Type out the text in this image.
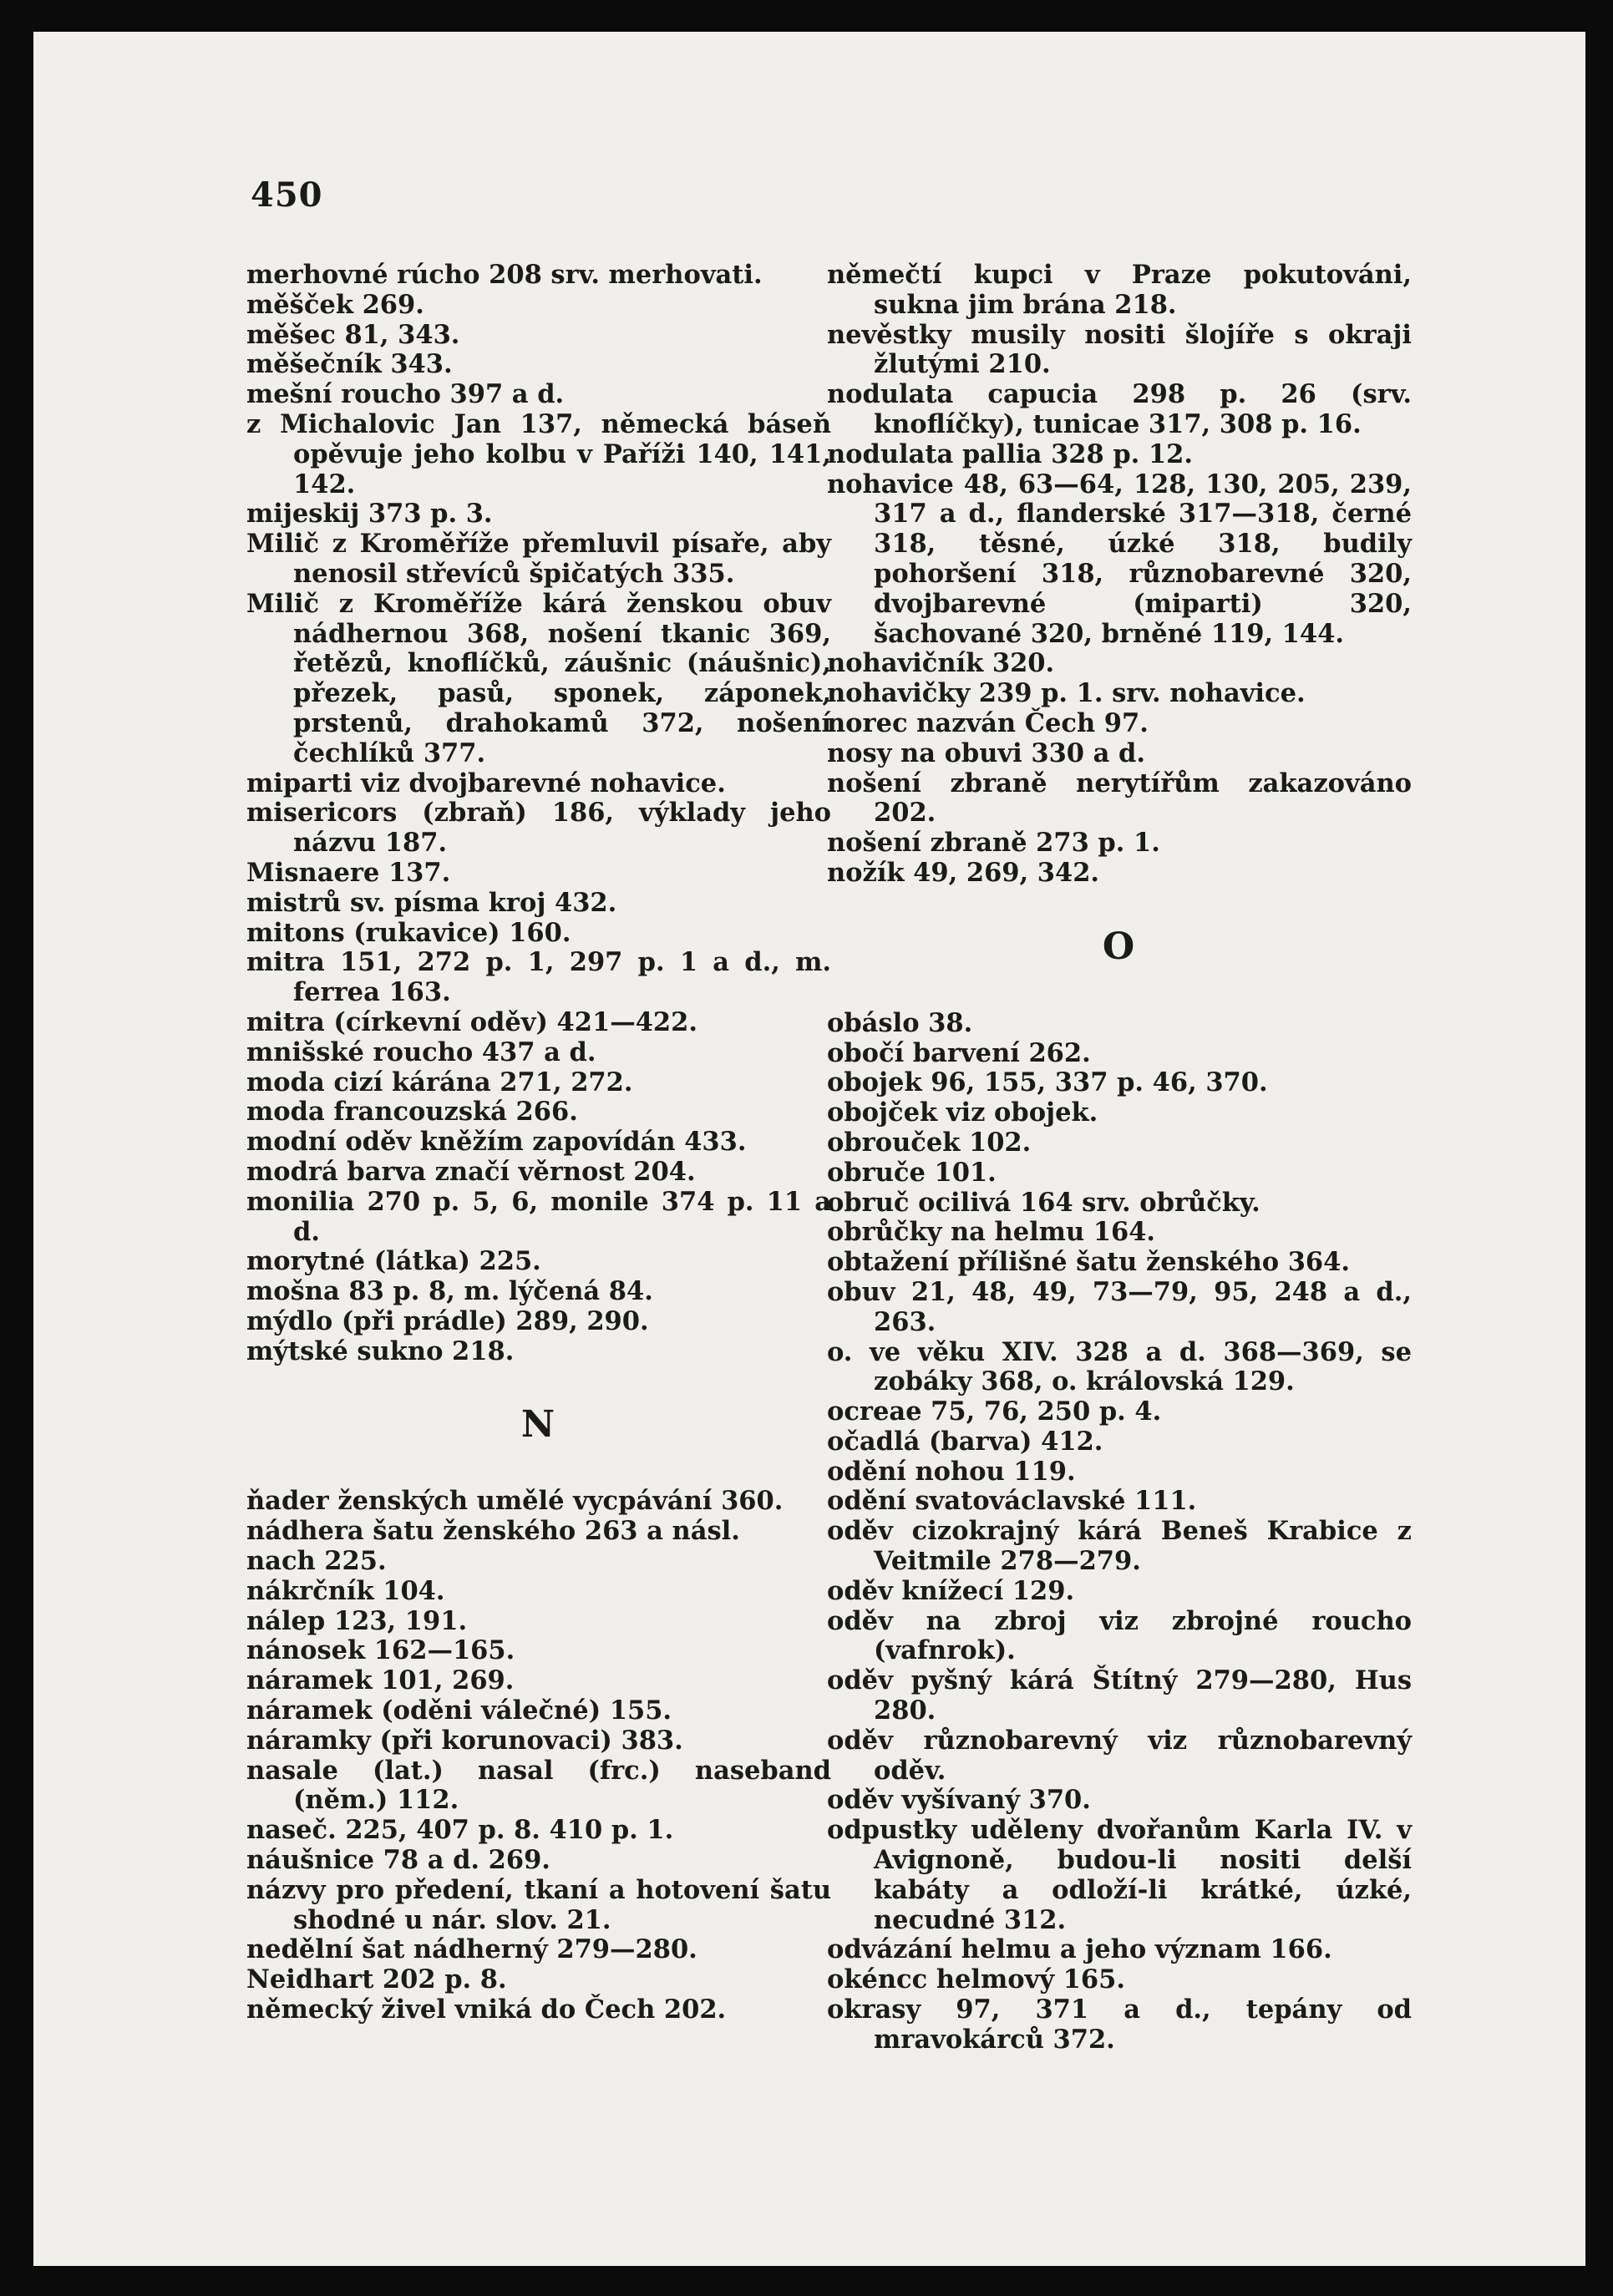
450
merhovné rúcho 208 srv. merhovati.
měšček 269.
měšec 81, 343.
měšečník 343.
mešní roucho 397 a d.
z Michalovic Jan 137, německá báseň opěvuje jeho kolbu v Paříži 140, 141, 142.
mijeskij 373 p. 3.
Milič z Kroměříže přemluvil písaře, aby nenosil střevíců špičatých 335.
Milič z Kroměříže kárá ženskou obuv nádhernou 368, nošení tkanic 369, řetězů, knoflíčků, záušnic (náušnic), přezek, pasů, sponek, záponek, prstenů, drahokamů 372, nošení čechlíků 377.
miparti viz dvojbarevné nohavice.
misericors (zbraň) 186, výklady jeho názvu 187.
Misnaere 137.
mistrů sv. písma kroj 432.
mitons (rukavice) 160.
mitra 151, 272 p. 1, 297 p. 1 a d., m. ferrea 163.
mitra (církevní oděv) 421—422.
mnišské roucho 437 a d.
moda cizí kárána 271, 272.
moda francouzská 266.
modní oděv kněžím zapovídán 433.
modrá barva značí věrnost 204.
monilia 270 p. 5, 6, monile 374 p. 11 a d.
morytné (látka) 225.
mošna 83 p. 8, m. lýčená 84.
mýdlo (při prádle) 289, 290.
mýtské sukno 218.
N
ňader ženských umělé vycpávání 360.
nádhera šatu ženského 263 a násl.
nach 225.
nákrčník 104.
nálep 123, 191.
nánosek 162—165.
náramek 101, 269.
náramek (oděni válečné) 155.
náramky (při korunovaci) 383.
nasale (lat.) nasal (frc.) naseband (něm.) 112.
naseč. 225, 407 p. 8. 410 p. 1.
náušnice 78 a d. 269.
názvy pro předení, tkaní a hotovení šatu shodné u nár. slov. 21.
nedělní šat nádherný 279—280.
Neidhart 202 p. 8.
německý živel vniká do Čech 202.
němečtí kupci v Praze pokutováni, sukna jim brána 218.
nevěstky musily nositi šlojíře s okraji žlutými 210.
nodulata capucia 298 p. 26 (srv. knoflíčky), tunicae 317, 308 p. 16.
nodulata pallia 328 p. 12.
nohavice 48, 63—64, 128, 130, 205, 239, 317 a d., flanderské 317—318, černé 318, těsné, úzké 318, budily pohoršení 318, různobarevné 320, dvojbarevné (miparti) 320, šachované 320, brněné 119, 144.
nohavičník 320.
nohavičky 239 p. 1. srv. nohavice.
norec nazván Čech 97.
nosy na obuvi 330 a d.
nošení zbraně nerytířům zakazováno 202.
nošení zbraně 273 p. 1.
nožík 49, 269, 342.
O
obáslo 38.
obočí barvení 262.
obojek 96, 155, 337 p. 46, 370.
obojček viz obojek.
obrouček 102.
obruče 101.
obruč ocilivá 164 srv. obrůčky.
obrůčky na helmu 164.
obtažení přílišné šatu ženského 364.
obuv 21, 48, 49, 73—79, 95, 248 a d., 263.
o. ve věku XIV. 328 a d. 368—369, se zobáky 368, o. královská 129.
ocreae 75, 76, 250 p. 4.
očadlá (barva) 412.
odění nohou 119.
odění svatováclavské 111.
oděv cizokrajný kárá Beneš Krabice z Veitmile 278—279.
oděv knížecí 129.
oděv na zbroj viz zbrojné roucho (vafnrok).
oděv pyšný kárá Štítný 279—280, Hus 280.
oděv různobarevný viz různobarevný oděv.
oděv vyšívaný 370.
odpustky uděleny dvořanům Karla IV. v Avignoně, budou-li nositi delší kabáty a odloží-li krátké, úzké, necudné 312.
odvázání helmu a jeho význam 166.
okéncc helmový 165.
okrasy 97, 371 a d., tepány od mravokárců 372.
